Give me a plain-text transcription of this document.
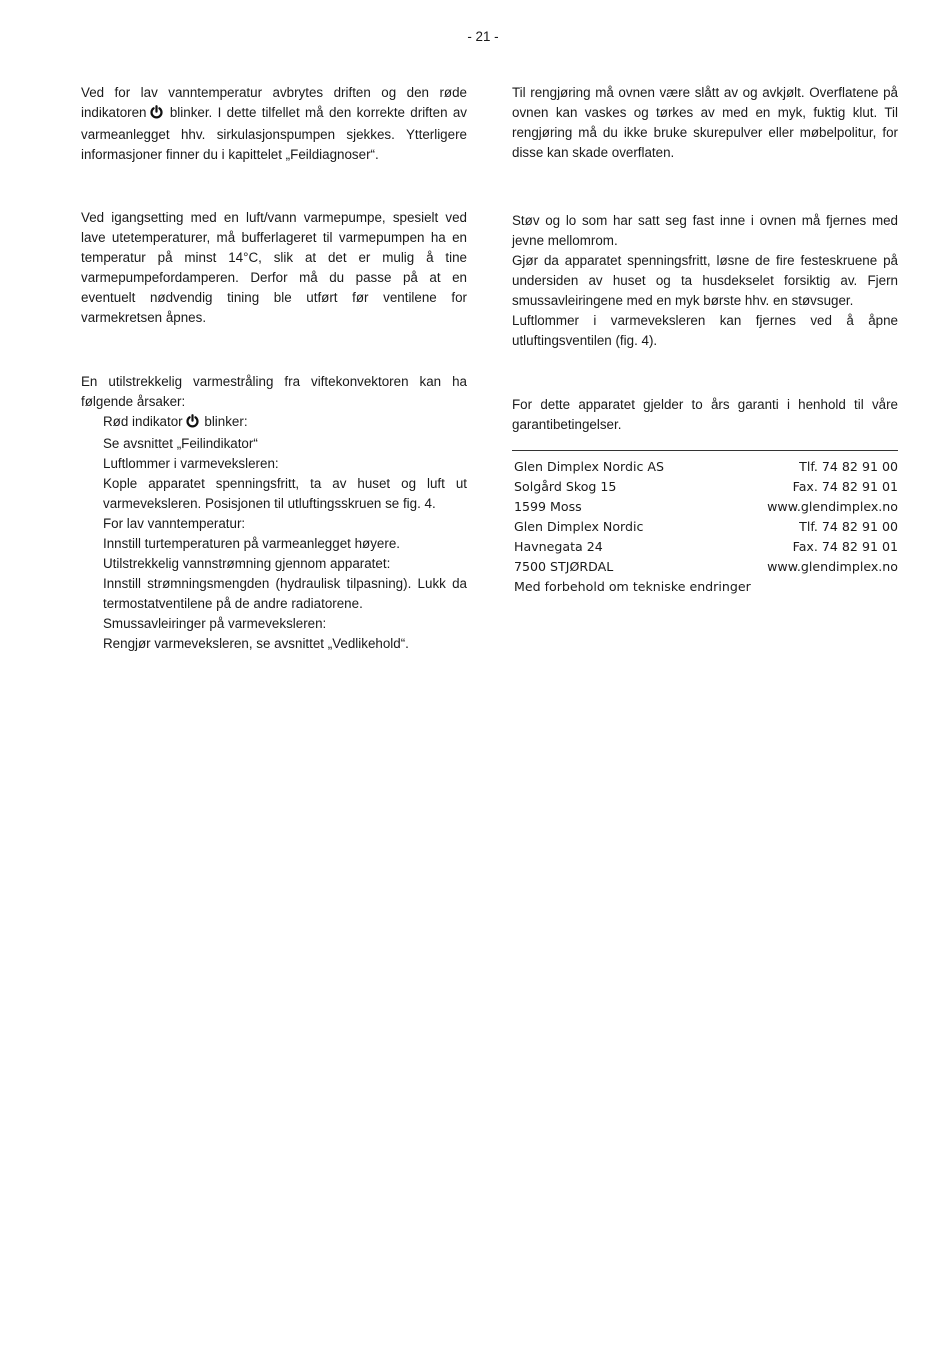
- 21 -

Ved for lav vanntemperatur avbrytes driften og den røde indikatoren blinker. I dette tilfellet må den korrekte driften av varmeanlegget hhv. sirkulasjonspumpen sjekkes. Ytterligere informasjoner finner du i kapittelet „Feildiagnoser“.

Ved igangsetting med en luft/vann varmepumpe, spesielt ved lave utetemperaturer, må bufferlageret til varmepumpen ha en temperatur på minst 14°C, slik at det er mulig å tine varmepumpefordamperen. Derfor må du passe på at en eventuelt nødvendig tining ble utført før ventilene for varmekretsen åpnes.

En utilstrekkelig varmestråling fra viftekonvektoren kan ha følgende årsaker:

Rød indikator blinker:

Se avsnittet „Feilindikator“

Luftlommer i varmeveksleren:

Kople apparatet spenningsfritt, ta av huset og luft ut varmeveksleren. Posisjonen til utluftingsskruen se fig. 4.

For lav vanntemperatur:

Innstill turtemperaturen på varmeanlegget høyere.

Utilstrekkelig vannstrømning gjennom apparatet:

Innstill strømningsmengden (hydraulisk tilpasning). Lukk da termostatventilene på de andre radiatorene.

Smussavleiringer på varmeveksleren:

Rengjør varmeveksleren, se avsnittet „Vedlikehold“.

Til rengjøring må ovnen være slått av og avkjølt. Overflatene på ovnen kan vaskes og tørkes av med en myk, fuktig klut. Til rengjøring må du ikke bruke skurepulver eller møbelpolitur, for disse kan skade overflaten.

Støv og lo som har satt seg fast inne i ovnen må fjernes med jevne mellomrom.

Gjør da apparatet spenningsfritt, løsne de fire festeskruene på undersiden av huset og ta husdekselet forsiktig av. Fjern smussavleiringene med en myk børste hhv. en støvsuger.

Luftlommer i varmeveksleren kan fjernes ved å åpne utluftingsventilen (fig. 4).

For dette apparatet gjelder to års garanti i henhold til våre garantibetingelser.

Glen Dimplex Nordic AS	Tlf. 74 82 91 00
Solgård Skog 15	Fax. 74 82 91 01
1599 Moss	www.glendimplex.no
Glen Dimplex Nordic	Tlf. 74 82 91 00
Havnegata 24	Fax. 74 82 91 01
7500 STJØRDAL	www.glendimplex.no
Med forbehold om tekniske endringer
